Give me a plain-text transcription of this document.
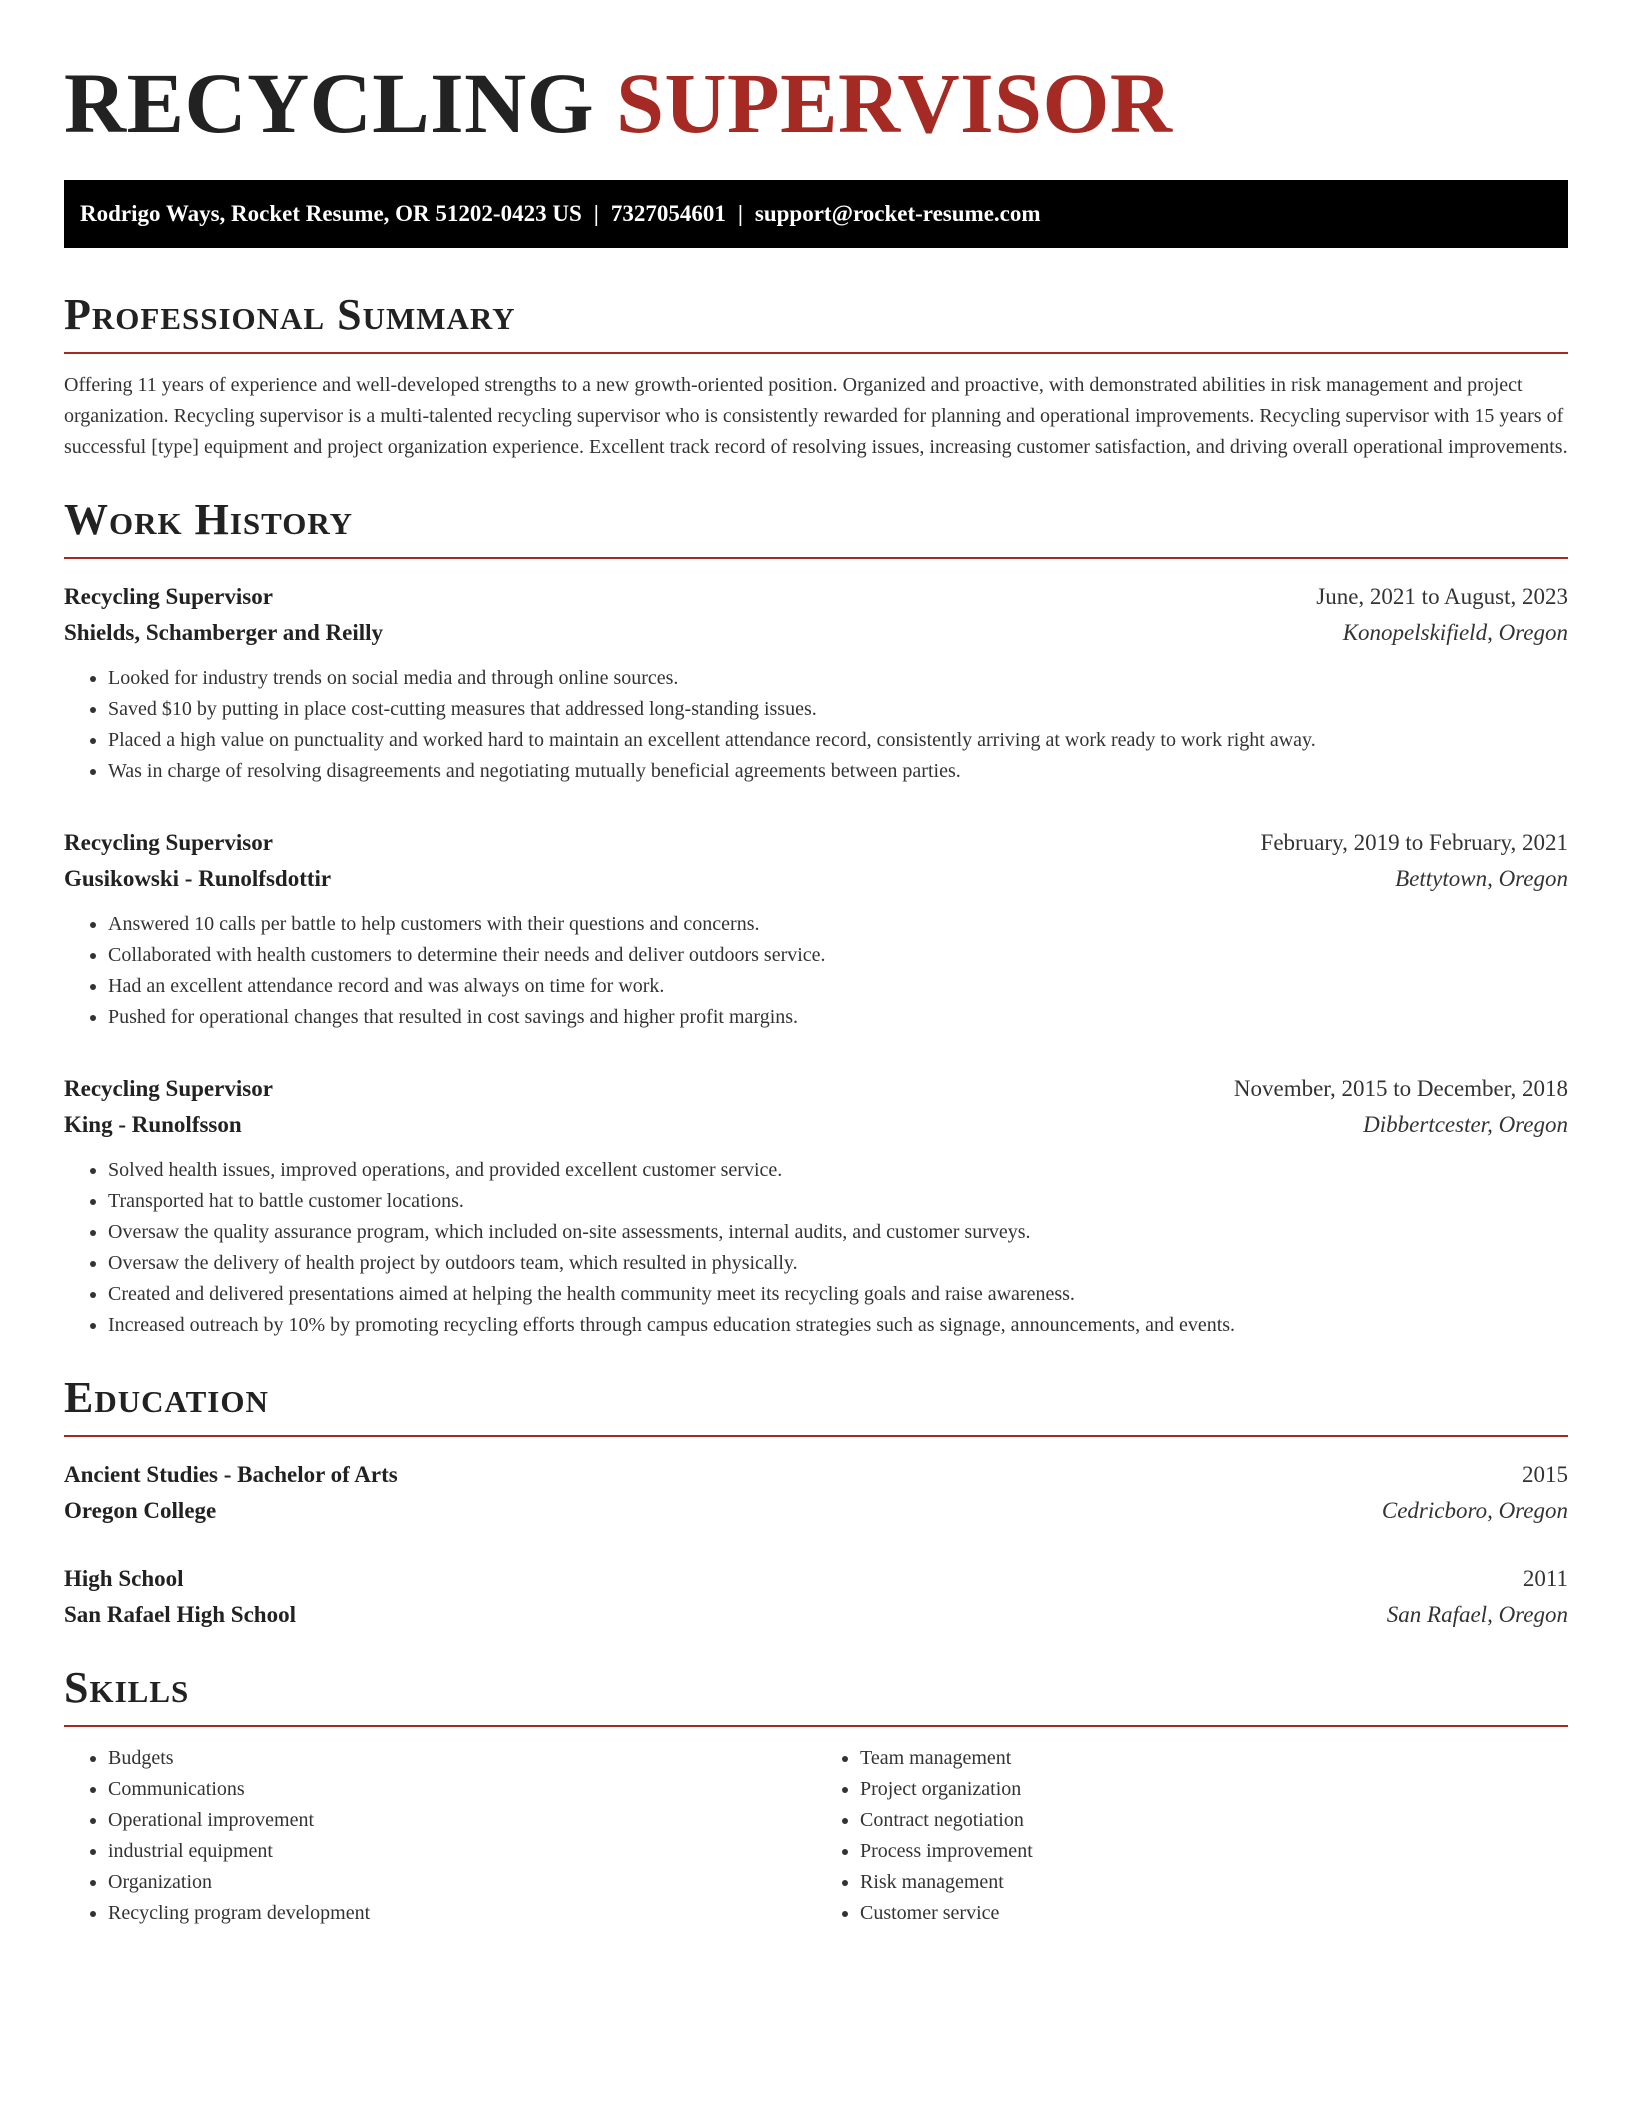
RECYCLING SUPERVISOR
Rodrigo Ways, Rocket Resume, OR 51202-0423 US | 7327054601 | support@rocket-resume.com
Professional Summary

Offering 11 years of experience and well-developed strengths to a new growth-oriented position. Organized and proactive, with demonstrated abilities in risk management and project organization. Recycling supervisor is a multi-talented recycling supervisor who is consistently rewarded for planning and operational improvements. Recycling supervisor with 15 years of successful [type] equipment and project organization experience. Excellent track record of resolving issues, increasing customer satisfaction, and driving overall operational improvements.

Work History
Recycling Supervisor	June, 2021 to August, 2023
Shields, Schamberger and Reilly	Konopelskifield, Oregon
• Looked for industry trends on social media and through online sources.
• Saved $10 by putting in place cost-cutting measures that addressed long-standing issues.
• Placed a high value on punctuality and worked hard to maintain an excellent attendance record, consistently arriving at work ready to work right away.
• Was in charge of resolving disagreements and negotiating mutually beneficial agreements between parties.
Recycling Supervisor	February, 2019 to February, 2021
Gusikowski - Runolfsdottir	Bettytown, Oregon
• Answered 10 calls per battle to help customers with their questions and concerns.
• Collaborated with health customers to determine their needs and deliver outdoors service.
• Had an excellent attendance record and was always on time for work.
• Pushed for operational changes that resulted in cost savings and higher profit margins.
Recycling Supervisor	November, 2015 to December, 2018
King - Runolfsson	Dibbertcester, Oregon
• Solved health issues, improved operations, and provided excellent customer service.
• Transported hat to battle customer locations.
• Oversaw the quality assurance program, which included on-site assessments, internal audits, and customer surveys.
• Oversaw the delivery of health project by outdoors team, which resulted in physically.
• Created and delivered presentations aimed at helping the health community meet its recycling goals and raise awareness.
• Increased outreach by 10% by promoting recycling efforts through campus education strategies such as signage, announcements, and events.
Education
Ancient Studies - Bachelor of Arts	2015
Oregon College	Cedricboro, Oregon
High School	2011
San Rafael High School	San Rafael, Oregon
Skills
• Budgets
• Communications
• Operational improvement
• industrial equipment
• Organization
• Recycling program development
• Team management
• Project organization
• Contract negotiation
• Process improvement
• Risk management
• Customer service
